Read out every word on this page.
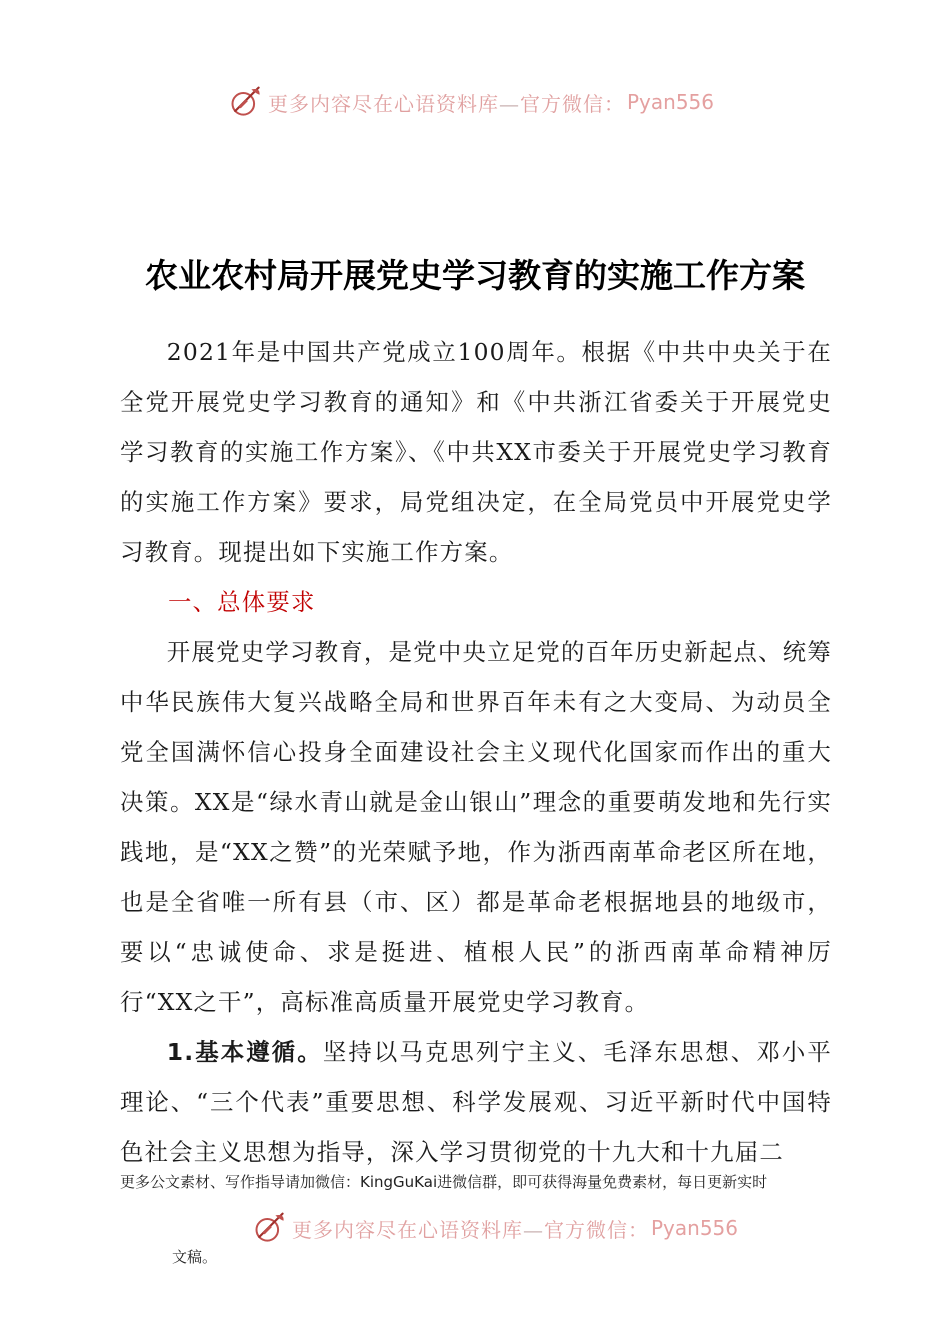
更多内容尽在心语资料库—官方微信： Pyan556
农业农村局开展党史学习教育的实施工作方案

2021年是中国共产党成立100周年。根据《中共中央关于在全党开展党史学习教育的通知》和《中共浙江省委关于开展党史学习教育的实施工作方案》、《中共XX市委关于开展党史学习教育的实施工作方案》要求，局党组决定，在全局党员中开展党史学习教育。现提出如下实施工作方案。

一、总体要求

开展党史学习教育，是党中央立足党的百年历史新起点、统筹中华民族伟大复兴战略全局和世界百年未有之大变局、为动员全党全国满怀信心投身全面建设社会主义现代化国家而作出的重大决策。XX是“绿水青山就是金山银山”理念的重要萌发地和先行实践地，是“XX之赞”的光荣赋予地，作为浙西南革命老区所在地，也是全省唯一所有县（市、区）都是革命老根据地县的地级市，要以“忠诚使命、求是挺进、植根人民”的浙西南革命精神厉行“XX之干”，高标准高质量开展党史学习教育。

1.基本遵循。坚持以马克思列宁主义、毛泽东思想、邓小平理论、“三个代表”重要思想、科学发展观、习近平新时代中国特色社会主义思想为指导，深入学习贯彻党的十九大和十九届二

更多公文素材、写作指导请加微信：KingGuKai进微信群，即可获得海量免费素材，每日更新实时
更多内容尽在心语资料库—官方微信： Pyan556
文稿。
